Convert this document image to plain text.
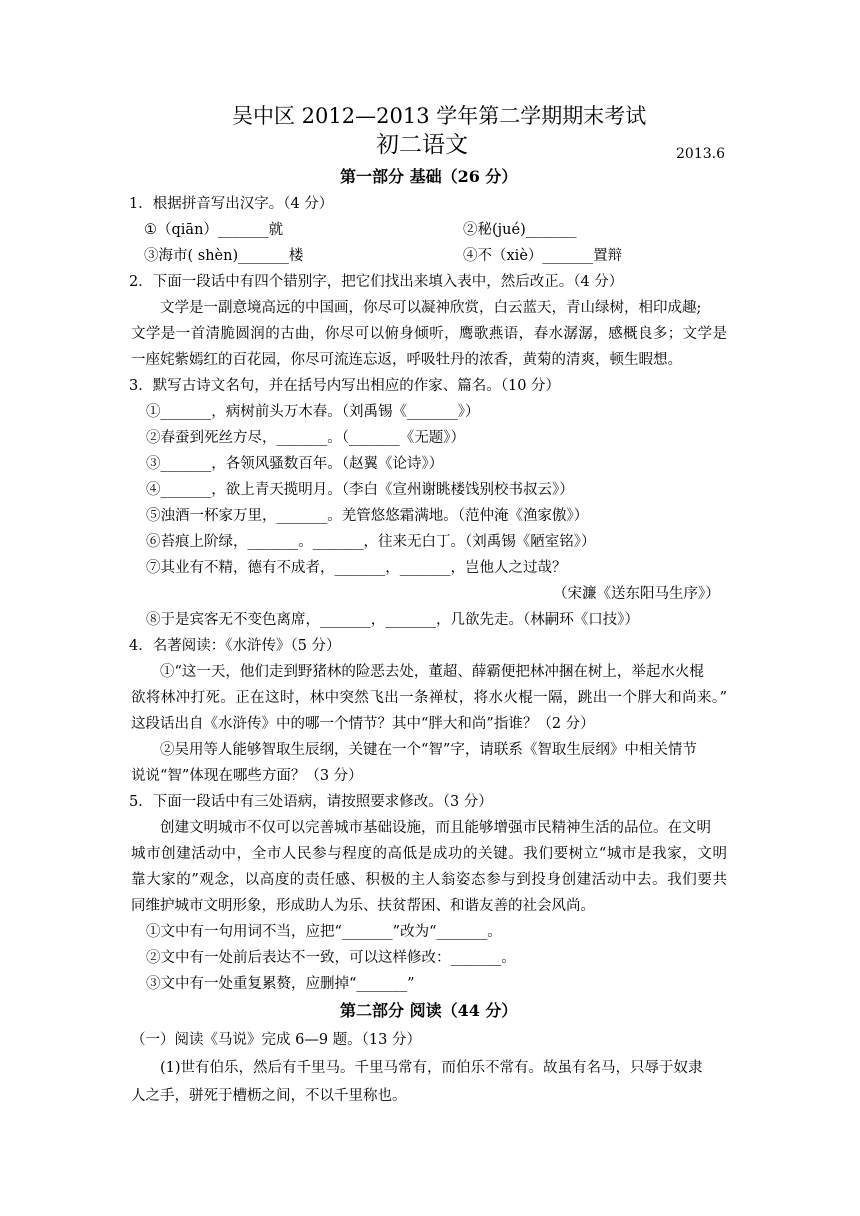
吴中区 2012—2013 学年第二学期期末考试
初二语文	2013.6
第一部分 基础（26 分）
1．根据拼音写出汉字。（4 分）
①（qiān）_______就	②秘(jué)_______
③海市( shèn)_______楼	④不（xiè）_______置辩
2．下面一段话中有四个错别字，把它们找出来填入表中，然后改正。（4 分）
文学是一副意境高远的中国画，你尽可以凝神欣赏，白云蓝天，青山绿树，相印成趣;
文学是一首清脆圆润的古曲，你尽可以俯身倾听，鹰歌燕语，春水潺潺，感概良多；文学是
一座姹紫嫣红的百花园，你尽可流连忘返，呼吸牡丹的浓香，黄菊的清爽，顿生暇想。
3．默写古诗文名句，并在括号内写出相应的作家、篇名。（10 分）
①_______，病树前头万木春。（刘禹锡《_______》）
②春蚕到死丝方尽，_______。（_______《无题》）
③_______，各领风骚数百年。（赵翼《论诗》）
④_______，欲上青天揽明月。（李白《宣州谢眺楼饯别校书叔云》）
⑤浊酒一杯家万里，_______。羌管悠悠霜满地。（范仲淹《渔家傲》）
⑥苔痕上阶绿，_______。_______，往来无白丁。（刘禹锡《陋室铭》）
⑦其业有不精，德有不成者，_______，_______，岂他人之过哉？
（宋濂《送东阳马生序》）
⑧于是宾客无不变色离席，_______，_______，几欲先走。（林嗣环《口技》）
4．名著阅读：《水浒传》（5 分）
①“这一天，他们走到野猪林的险恶去处，董超、薛霸便把林冲捆在树上，举起水火棍
欲将林冲打死。正在这时，林中突然飞出一条禅杖，将水火棍一隔，跳出一个胖大和尚来。”
这段话出自《水浒传》中的哪一个情节？其中“胖大和尚”指谁？（2 分）
②吴用等人能够智取生辰纲，关键在一个“智”字，请联系《智取生辰纲》中相关情节
说说“智”体现在哪些方面？（3 分）
5．下面一段话中有三处语病，请按照要求修改。（3 分）
创建文明城市不仅可以完善城市基础设施，而且能够增强市民精神生活的品位。在文明
城市创建活动中，全市人民参与程度的高低是成功的关键。我们要树立“城市是我家，文明
靠大家的”观念，以高度的责任感、积极的主人翁姿态参与到投身创建活动中去。我们要共
同维护城市文明形象，形成助人为乐、扶贫帮困、和谐友善的社会风尚。
①文中有一句用词不当，应把“_______”改为“_______。
②文中有一处前后表达不一致，可以这样修改：_______。
③文中有一处重复累赘，应删掉“_______”
第二部分 阅读（44 分）
（一）阅读《马说》完成 6—9 题。（13 分）
(1)世有伯乐，然后有千里马。千里马常有，而伯乐不常有。故虽有名马，只辱于奴隶
人之手，骈死于槽枥之间，不以千里称也。
